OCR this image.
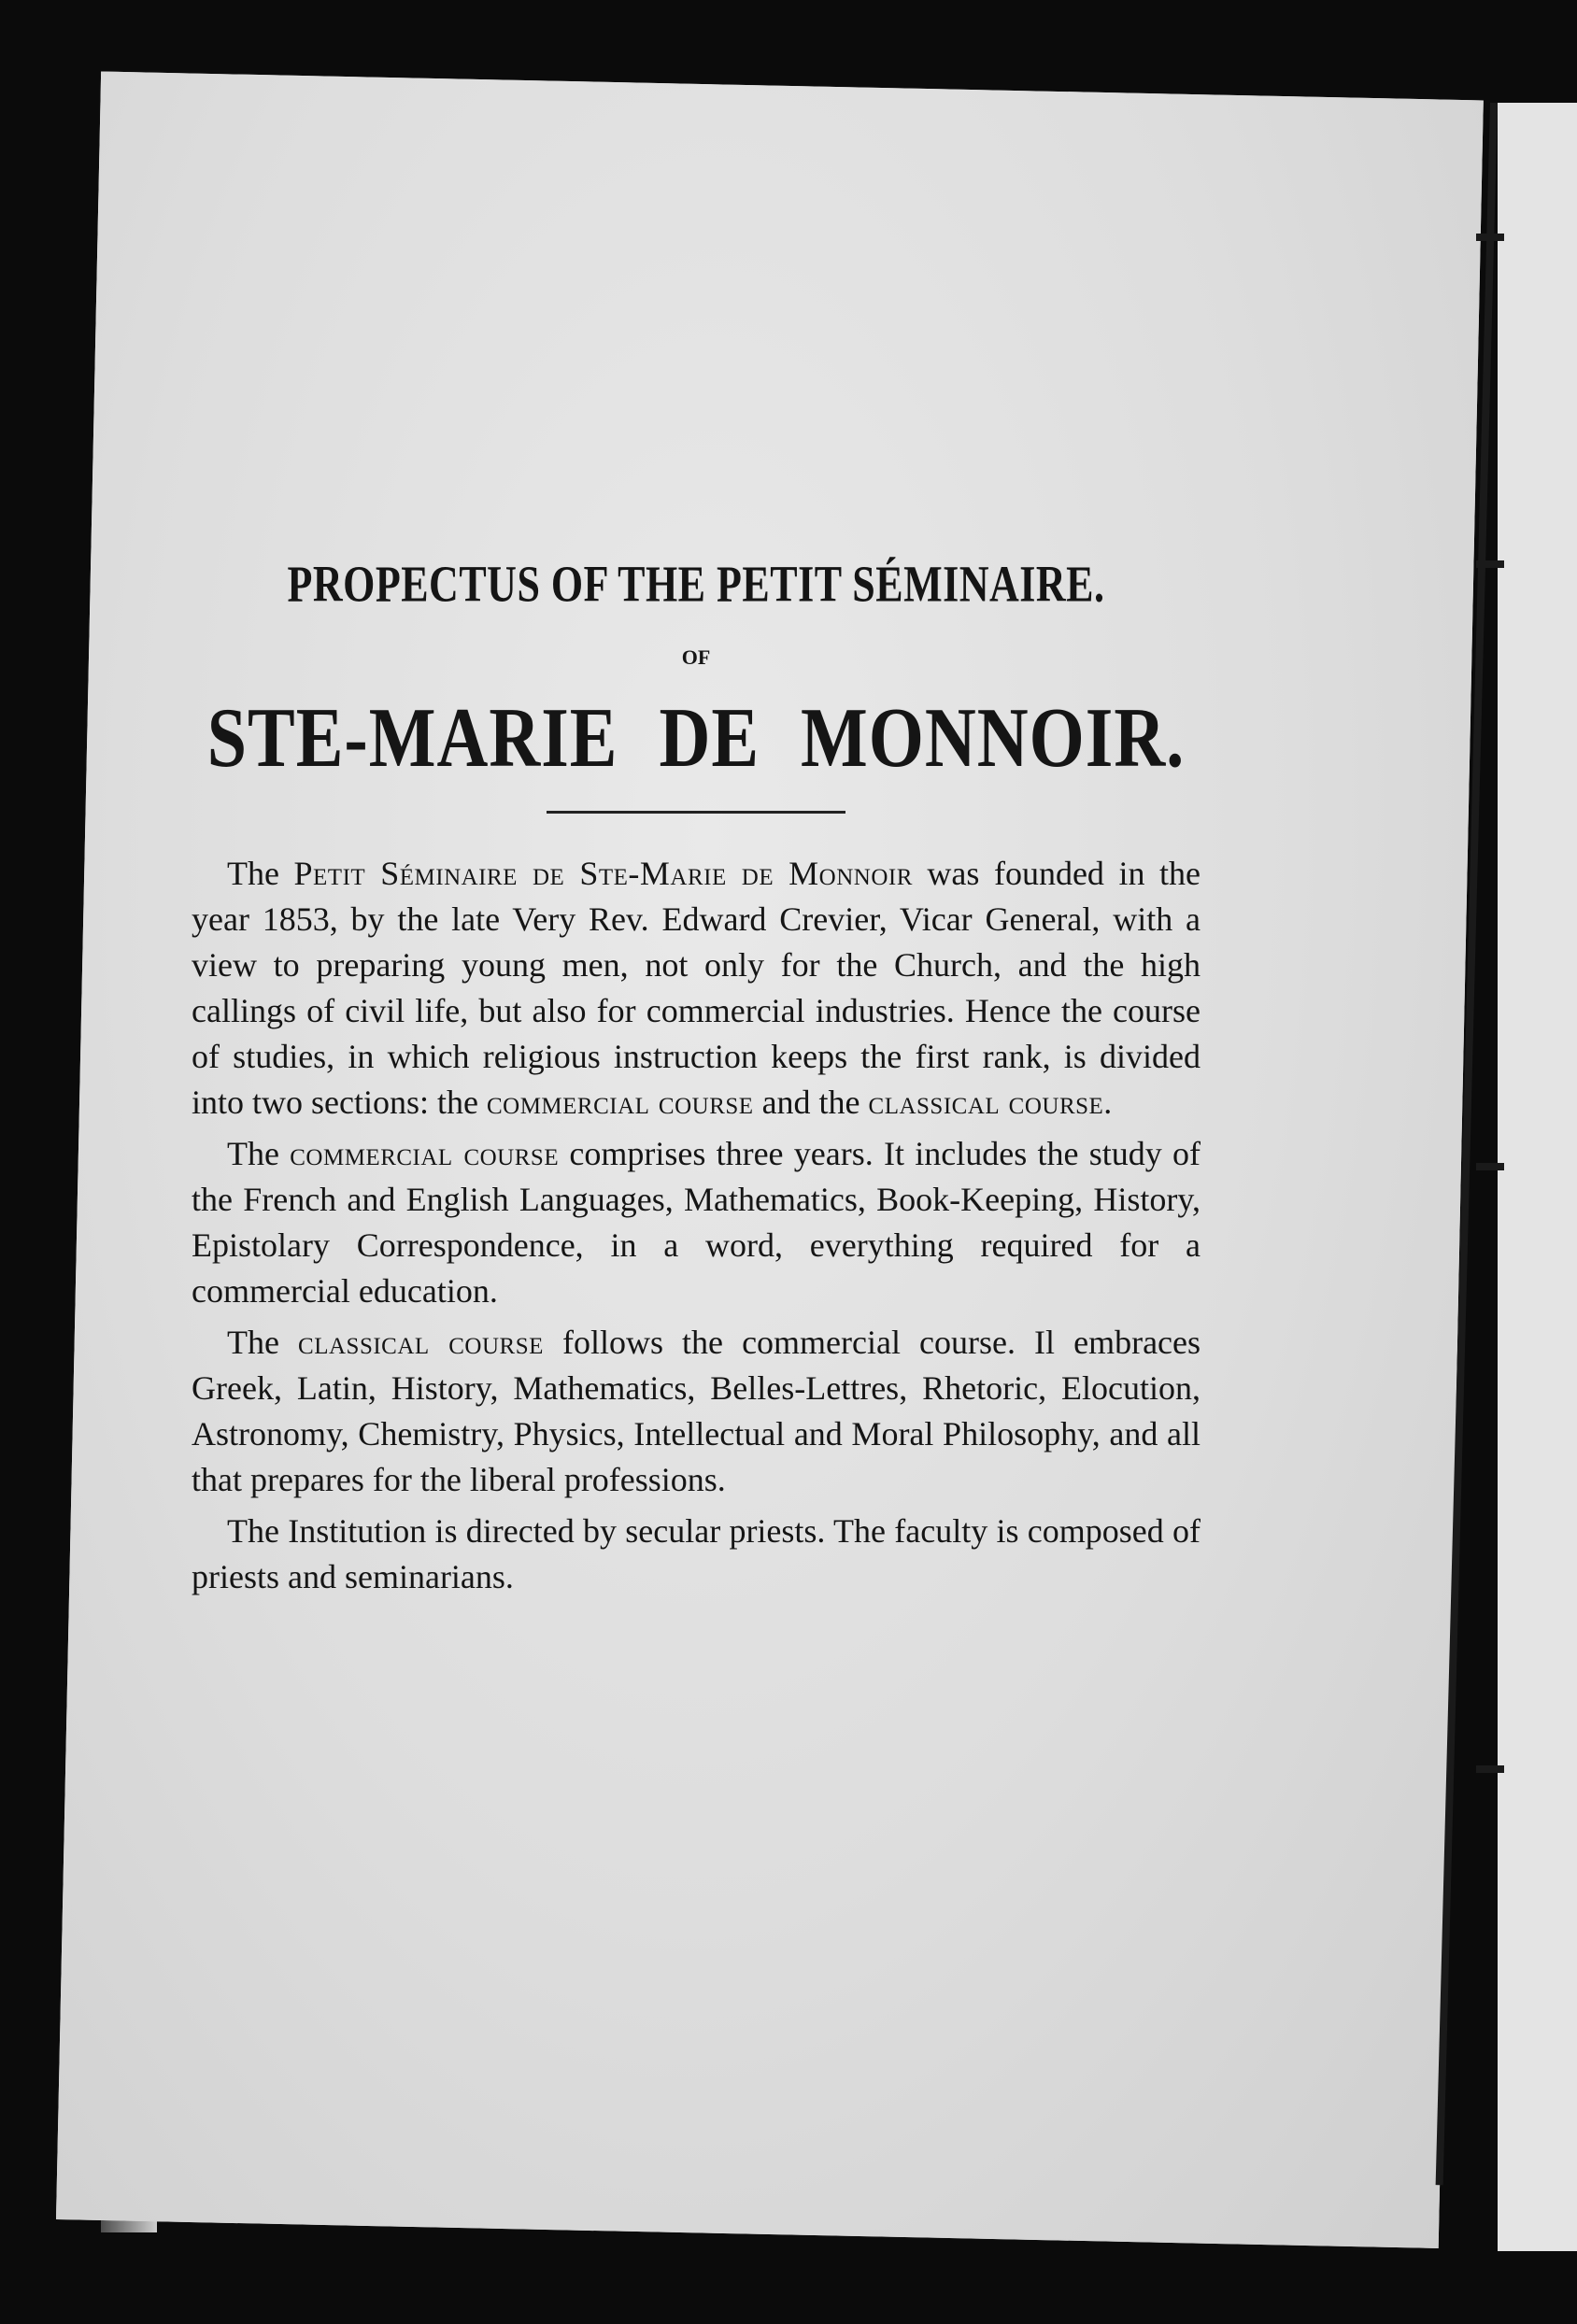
PROPECTUS OF THE PETIT SÉMINAIRE.
OF
STE-MARIE DE MONNOIR.

The Petit Séminaire de Ste-Marie de Monnoir was founded in the year 1853, by the late Very Rev. Edward Crevier, Vicar General, with a view to preparing young men, not only for the Church, and the high callings of civil life, but also for commercial industries. Hence the course of studies, in which religious instruction keeps the first rank, is divided into two sections: the commercial course and the classical course.

The commercial course comprises three years. It includes the study of the French and English Languages, Mathematics, Book-Keeping, History, Epistolary Correspondence, in a word, everything required for a commercial education.

The classical course follows the commercial course. Il embraces Greek, Latin, History, Mathematics, Belles-Lettres, Rhetoric, Elocution, Astronomy, Chemistry, Physics, Intellectual and Moral Philosophy, and all that prepares for the liberal professions.

The Institution is directed by secular priests. The faculty is composed of priests and seminarians.
